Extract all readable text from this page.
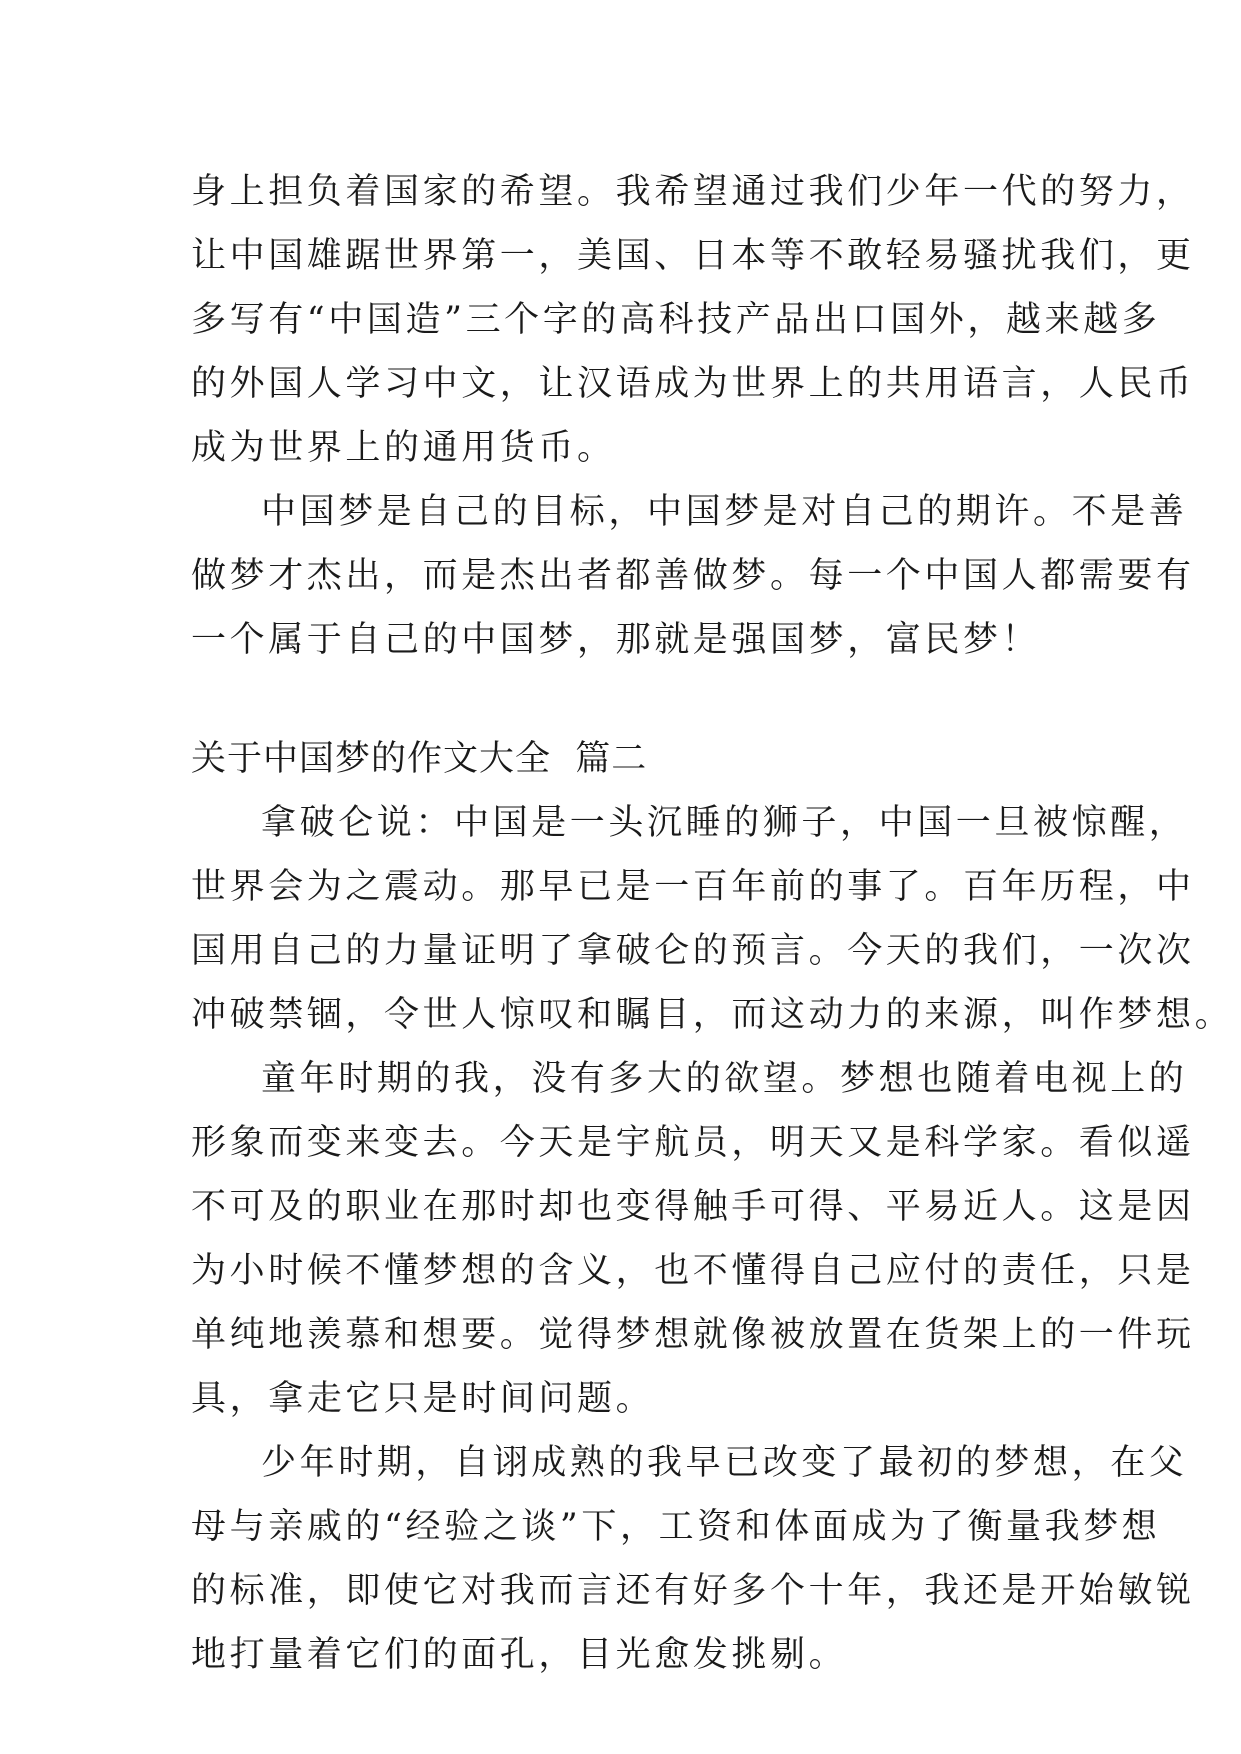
身上担负着国家的希望。我希望通过我们少年一代的努力，
让中国雄踞世界第一，美国、日本等不敢轻易骚扰我们，更
多写有“中国造”三个字的高科技产品出口国外，越来越多
的外国人学习中文，让汉语成为世界上的共用语言，人民币
成为世界上的通用货币。
中国梦是自己的目标，中国梦是对自己的期许。不是善
做梦才杰出，而是杰出者都善做梦。每一个中国人都需要有
一个属于自己的中国梦，那就是强国梦，富民梦！
关于中国梦的作文大全  篇二
拿破仑说：中国是一头沉睡的狮子，中国一旦被惊醒，
世界会为之震动。那早已是一百年前的事了。百年历程，中
国用自己的力量证明了拿破仑的预言。今天的我们，一次次
冲破禁锢，令世人惊叹和瞩目，而这动力的来源，叫作梦想。
童年时期的我，没有多大的欲望。梦想也随着电视上的
形象而变来变去。今天是宇航员，明天又是科学家。看似遥
不可及的职业在那时却也变得触手可得、平易近人。这是因
为小时候不懂梦想的含义，也不懂得自己应付的责任，只是
单纯地羡慕和想要。觉得梦想就像被放置在货架上的一件玩
具，拿走它只是时间问题。
少年时期，自诩成熟的我早已改变了最初的梦想，在父
母与亲戚的“经验之谈”下，工资和体面成为了衡量我梦想
的标准，即使它对我而言还有好多个十年，我还是开始敏锐
地打量着它们的面孔，目光愈发挑剔。
